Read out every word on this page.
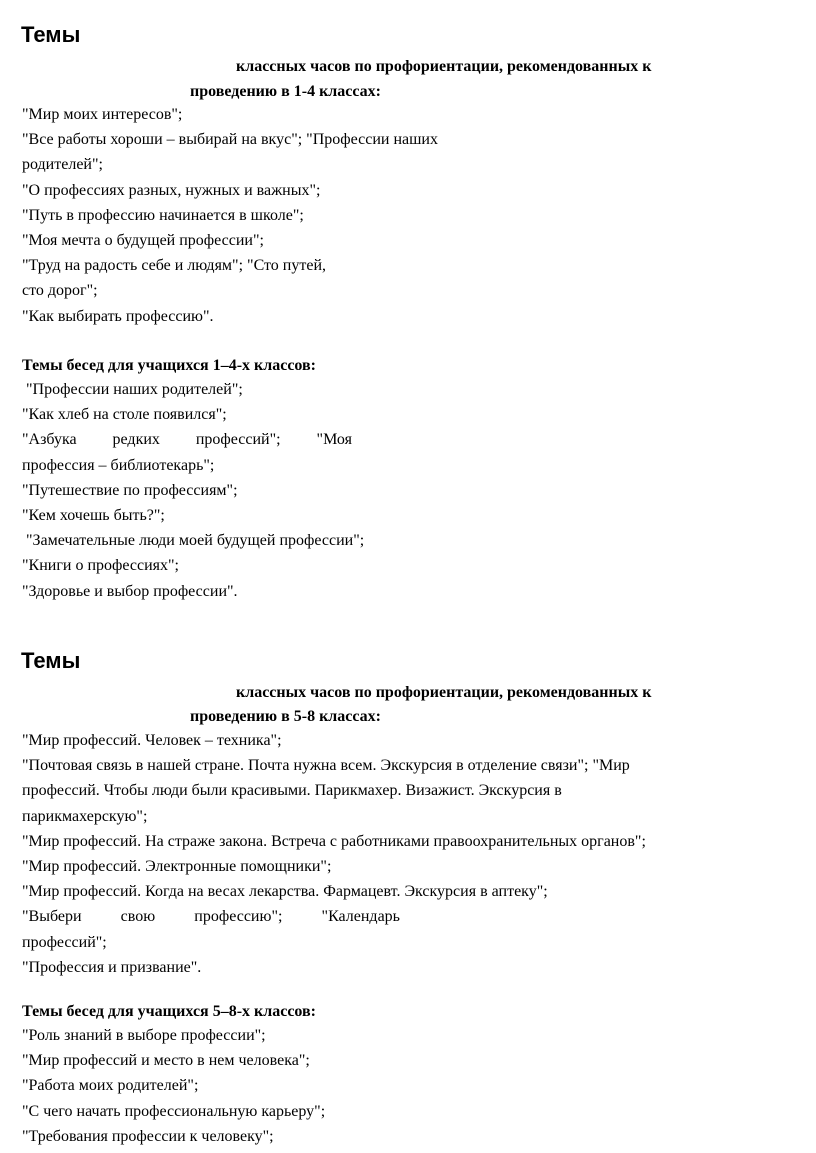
Темы
классных часов по профориентации, рекомендованных к
проведению в 1-4 классах:
"Мир моих интересов";
"Все работы хороши – выбирай на вкус"; "Профессии наших
родителей";
"О профессиях разных, нужных и важных";
"Путь в профессию начинается в школе";
"Моя мечта о будущей профессии";
"Труд на радость себе и людям"; "Сто путей,
сто дорог";
"Как выбирать профессию".
Темы бесед для учащихся 1–4-х классов:
"Профессии наших родителей";
"Как хлеб на столе появился";
"Азбука редких профессий"; "Моя
профессия – библиотекарь";
"Путешествие по профессиям";
"Кем хочешь быть?";
"Замечательные люди моей будущей профессии";
"Книги о профессиях";
"Здоровье и выбор профессии".
Темы
классных часов по профориентации, рекомендованных к
проведению в 5-8 классах:
"Мир профессий. Человек – техника";
"Почтовая связь в нашей стране. Почта нужна всем. Экскурсия в отделение связи"; "Мир
профессий. Чтобы люди были красивыми. Парикмахер. Визажист. Экскурсия в
парикмахерскую";
"Мир профессий. На страже закона. Встреча с работниками правоохранительных органов";
"Мир профессий. Электронные помощники";
"Мир профессий. Когда на весах лекарства. Фармацевт. Экскурсия в аптеку";
"Выбери свою профессию"; "Календарь
профессий";
"Профессия и призвание".
Темы бесед для учащихся 5–8-х классов:
"Роль знаний в выборе профессии";
"Мир профессий и место в нем человека";
"Работа моих родителей";
"С чего начать профессиональную карьеру";
"Требования профессии к человеку";
